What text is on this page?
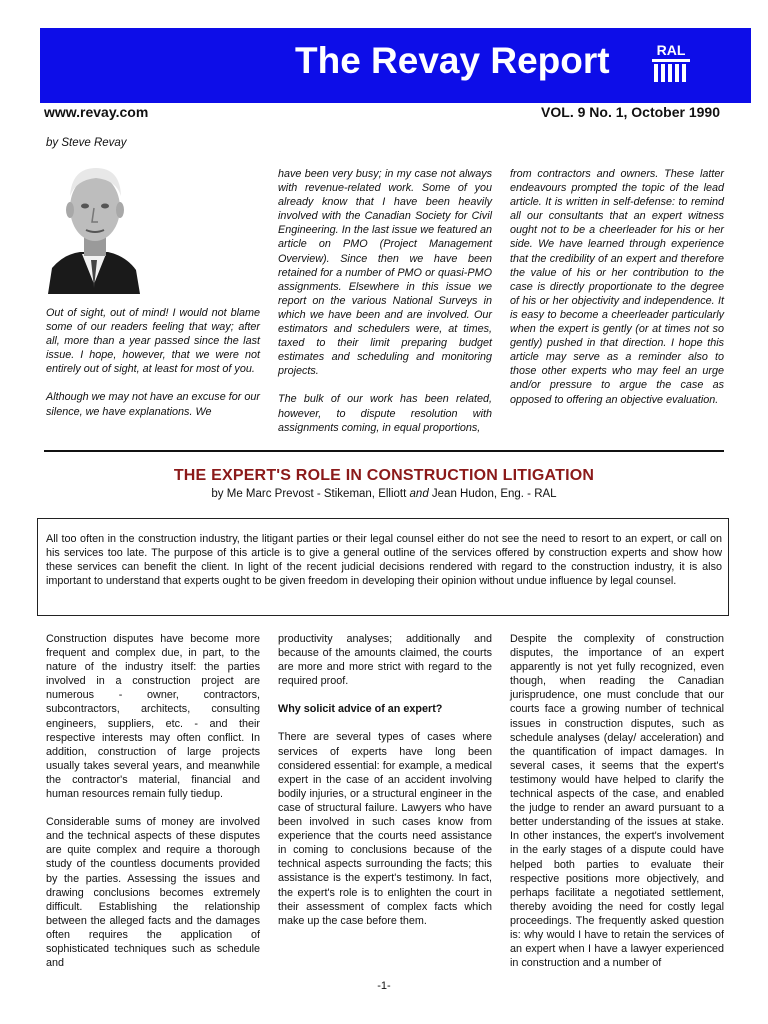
The Revay Report	RAL
www.revay.com	VOL. 9 No. 1, October 1990
by Steve Revay

Out of sight, out of mind! I would not blame some of our readers feeling that way; after all, more than a year passed since the last issue. I hope, however, that we were not entirely out of sight, at least for most of you.

Although we may not have an excuse for our silence, we have explanations. We

have been very busy; in my case not always with revenue-related work. Some of you already know that I have been heavily involved with the Canadian Society for Civil Engineering. In the last issue we featured an article on PMO (Project Management Overview). Since then we have been retained for a number of PMO or quasi-PMO assignments. Elsewhere in this issue we report on the various National Surveys in which we have been and are involved. Our estimators and schedulers were, at times, taxed to their limit preparing budget estimates and scheduling and monitoring projects.

The bulk of our work has been related, however, to dispute resolution with assignments coming, in equal proportions,

from contractors and owners. These latter endeavours prompted the topic of the lead article. It is written in self-defense: to remind all our consultants that an expert witness ought not to be a cheerleader for his or her side. We have learned through experience that the credibility of an expert and therefore the value of his or her contribution to the case is directly proportionate to the degree of his or her objectivity and independence. It is easy to become a cheerleader particularly when the expert is gently (or at times not so gently) pushed in that direction. I hope this article may serve as a reminder also to those other experts who may feel an urge and/or pressure to argue the case as opposed to offering an objective evaluation.

THE EXPERT'S ROLE IN CONSTRUCTION LITIGATION
by Me Marc Prevost - Stikeman, Elliott and Jean Hudon, Eng. - RAL
All too often in the construction industry, the litigant parties or their legal counsel either do not see the need to resort to an expert, or call on his services too late. The purpose of this article is to give a general outline of the services offered by construction experts and show how these services can benefit the client. In light of the recent judicial decisions rendered with regard to the construction industry, it is also important to understand that experts ought to be given freedom in developing their opinion without undue influence by legal counsel.

Construction disputes have become more frequent and complex due, in part, to the nature of the industry itself: the parties involved in a construction project are numerous - owner, contractors, subcontractors, architects, consulting engineers, suppliers, etc. - and their respective interests may often conflict. In addition, construction of large projects usually takes several years, and meanwhile the contractor's material, financial and human resources remain fully tiedup.

Considerable sums of money are involved and the technical aspects of these disputes are quite complex and require a thorough study of the countless documents provided by the parties. Assessing the issues and drawing conclusions becomes extremely difficult. Establishing the relationship between the alleged facts and the damages often requires the application of sophisticated techniques such as schedule and

productivity analyses; additionally and because of the amounts claimed, the courts are more and more strict with regard to the required proof.

Why solicit advice of an expert?

There are several types of cases where services of experts have long been considered essential: for example, a medical expert in the case of an accident involving bodily injuries, or a structural engineer in the case of structural failure. Lawyers who have been involved in such cases know from experience that the courts need assistance in coming to conclusions because of the technical aspects surrounding the facts; this assistance is the expert's testimony. In fact, the expert's role is to enlighten the court in their assessment of complex facts which make up the case before them.

Despite the complexity of construction disputes, the importance of an expert apparently is not yet fully recognized, even though, when reading the Canadian jurisprudence, one must conclude that our courts face a growing number of technical issues in construction disputes, such as schedule analyses (delay/ acceleration) and the quantification of impact damages. In several cases, it seems that the expert's testimony would have helped to clarify the technical aspects of the case, and enabled the judge to render an award pursuant to a better understanding of the issues at stake. In other instances, the expert's involvement in the early stages of a dispute could have helped both parties to evaluate their respective positions more objectively, and perhaps facilitate a negotiated settlement, thereby avoiding the need for costly legal proceedings. The frequently asked question is: why would I have to retain the services of an expert when I have a lawyer experienced in construction and a number of

-1-
